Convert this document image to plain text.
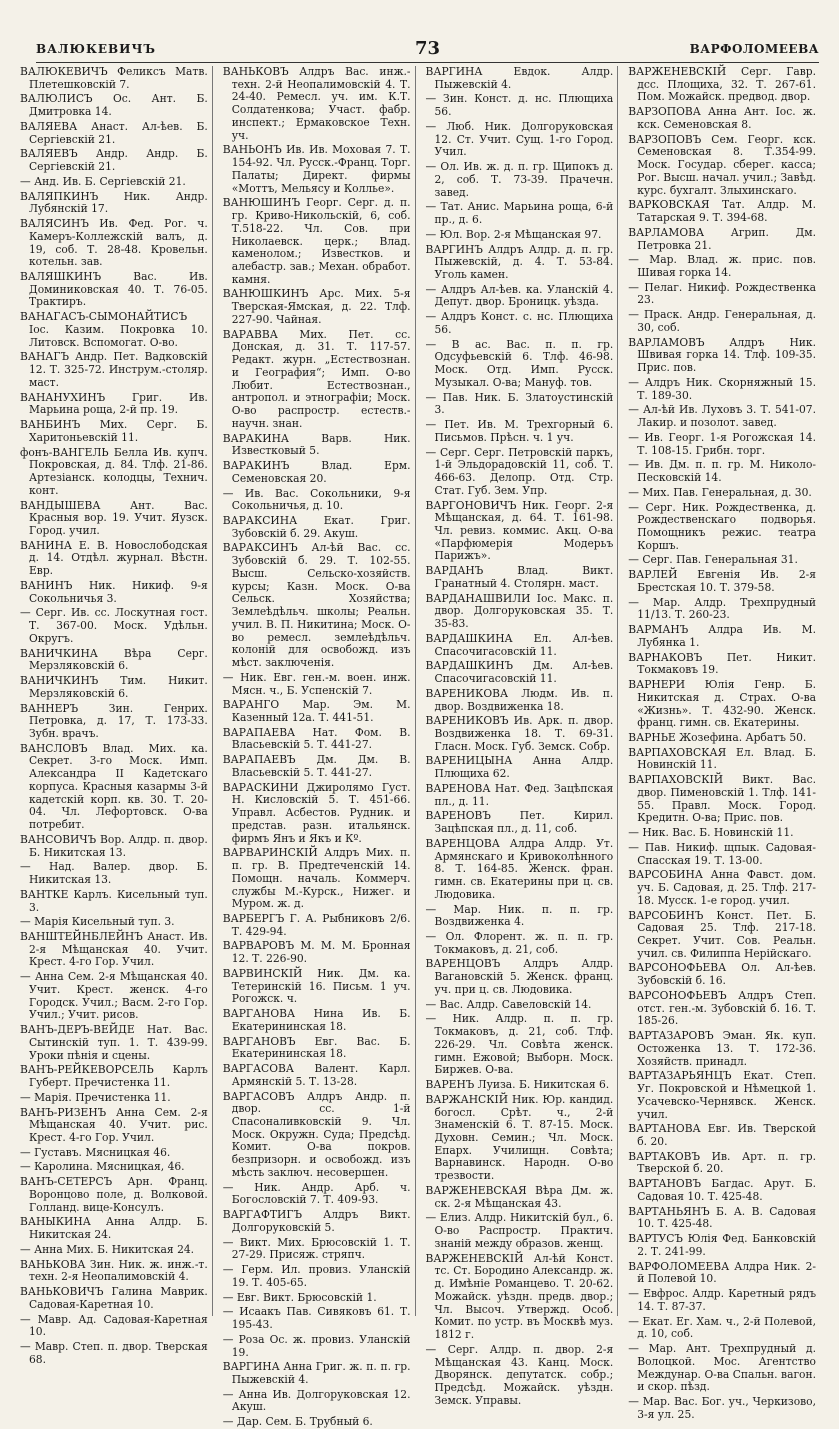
ВАЛЮКЕВИЧЪ	73	ВАРФОЛОМЕЕВА

ВАЛЮКЕВИЧЪ Феликсъ Матв. Плетешковскій 7.

ВАЛЮЛИСЪ Ос. Ант. Б. Дмитровка 14.

ВАЛЯЕВА Анаст. Ал-ѣев. Б. Сергіевскій 21.

ВАЛЯЕВЪ Андр. Андр. Б. Сергіевскій 21.

— Анд. Ив. Б. Сергіевскій 21.

ВАЛЯПКИНЪ Ник. Андр. Лубянскій 17.

ВАЛЯСИНЪ Ив. Фед. Рог. ч. Камеръ-Коллежскій валъ, д. 19, соб. Т. 28-48. Кровельн. котельн. зав.

ВАЛЯШКИНЪ Вас. Ив. Доминиковская 40. Т. 76-05. Трактиръ.

ВАНАГАСЪ-СЫМОНАЙТИСЪ Іос. Казим. Покровка 10. Литовск. Вспомогат. О-во.

ВАНАГЪ Андр. Пет. Вадковскій 12. Т. 325-72. Инструм.-столяр. маст.

ВАНАНУХИНЪ Григ. Ив. Марьина роща, 2-й пр. 19.

ВАНБИНЪ Мих. Серг. Б. Харитоньевскій 11.

фонъ-ВАНГЕЛЬ Белла Ив. купч. Покровская, д. 84. Тлф. 21-86. Артезіанск. колодцы, Технич. конт.

ВАНДЫШЕВА Ант. Вас. Красныя вор. 19. Учит. Яузск. Город. учил.

ВАНИНА Е. В. Новослободская д. 14. Отдѣл. журнал. Вѣстн. Евр.

ВАНИНЪ Ник. Никиф. 9-я Сокольничья 3.

— Серг. Ив. сс. Лоскутная гост. Т. 367-00. Моск. Удѣльн. Округъ.

ВАНИЧКИНА Вѣра Серг. Мерзляковскій 6.

ВАНИЧКИНЪ Тим. Никит. Мерзляковскій 6.

ВАННЕРЪ Зин. Генрих. Петровка, д. 17, Т. 173-33. Зубн. врачъ.

ВАНСЛОВЪ Влад. Мих. ка. Секрет. 3-го Моск. Имп. Александра II Кадетскаго корпуса. Красныя казармы 3-й кадетскій корп. кв. 30. Т. 20-04. Чл. Лефортовск. О-ва потребит.

ВАНСОВИЧЪ Вор. Алдр. п. двор. Б. Никитская 13.

— Над. Валер. двор. Б. Никитская 13.

ВАНТКЕ Карлъ. Кисельный туп. 3.

— Марія Кисельный туп. 3.

ВАНШТЕЙНБЛЕЙНЪ Анаст. Ив. 2-я Мѣщанская 40. Учит. Крест. 4-го Гор. Учил.

— Анна Сем. 2-я Мѣщанская 40. Учит. Крест. женск. 4-го Городск. Учил.; Васм. 2-го Гор. Учил.; Учит. рисов.

ВАНЪ-ДЕРЪ-ВЕЙДЕ Нат. Вас. Сытинскій туп. 1. Т. 439-99. Уроки пѣнія и сцены.

ВАНЪ-РЕЙКЕВОРСЕЛЬ Карлъ Губерт. Пречистенка 11.

— Марія. Пречистенка 11.

ВАНЪ-РИЗЕНЪ Анна Сем. 2-я Мѣщанская 40. Учит. рис. Крест. 4-го Гор. Учил.

— Густавъ. Мясницкая 46.

— Каролина. Мясницкая, 46.

ВАНЪ-СЕТЕРСЪ Арн. Франц. Воронцово поле, д. Волковой. Голланд. вице-Консулъ.

ВАНЫКИНА Анна Алдр. Б. Никитская 24.

— Анна Мих. Б. Никитская 24.

ВАНЬКОВА Зин. Ник. ж. инж.-т. техн. 2-я Неопалимовскій 4.

ВАНЬКОВИЧЪ Галина Маврик. Садовая-Каретная 10.

— Мавр. Ад. Садовая-Каретная 10.

— Мавр. Степ. п. двор. Тверская 68.

ВАНЬКОВЪ Алдръ Вас. инж.-техн. 2-й Неопалимовскій 4. Т. 24-40. Ремесл. уч. им. К.Т. Солдатенкова; Участ. фабр. инспект.; Ермаковское Техн. уч.

ВАНЬОНЪ Ив. Ив. Моховая 7. Т. 154-92. Чл. Русск.-Франц. Торг. Палаты; Директ. фирмы «Моттъ, Мельяcу и Коллье».

ВАНЮШИНЪ Георг. Серг. д. п. гр. Криво-Никольскій, 6, соб. Т.518-22. Чл. Сов. при Николаевск. церк.; Влад. каменолом.; Известков. и алебастр. зав.; Механ. обработ. камня.

ВАНЮШКИНЪ Арс. Мих. 5-я Тверская-Ямская, д. 22. Тлф. 227-90. Чайная.

ВАРАВВА Мих. Пет. сс. Донская, д. 31. Т. 117-57. Редакт. журн. „Естествознан. и География“; Имп. О-во Любит. Естествознан., антропол. и этнографіи; Моск. О-во распростр. естеств.-научн. знан.

ВАРАКИНА Варв. Ник. Известковый 5.

ВАРАКИНЪ Влад. Ерм. Семеновская 20.

— Ив. Вас. Сокольники, 9-я Сокольничья, д. 10.

ВАРАКСИНА Екат. Григ. Зубовскій б. 29. Акуш.

ВАРАКСИНЪ Ал-ѣй Вас. сс. Зубовскій б. 29. Т. 102-55. Высш. Сельско-хозяйств. курсы; Казн. Моск. О-ва Сельск. Хозяйства; Землеѣдѣльч. школы; Реальн. учил. В. П. Никитина; Моск. О-во ремесл. землеѣдѣльч. колоній для освобожд. изъ мѣст. заключенія.

— Ник. Евг. ген.-м. воен. инж. Мясн. ч., Б. Успенскій 7.

ВАРАНГО Мар. Эм. М. Казенный 12а. Т. 441-51.

ВАРАПАЕВА Нат. Фом. В. Власьевскій 5. Т. 441-27.

ВАРАПАЕВЪ Дм. Дм. В. Власьевскій 5. Т. 441-27.

ВАРАСКИНИ Джиролямо Густ. Н. Кисловскій 5. Т. 451-66. Управл. Асбестов. Рудник. и представ. разн. итальянск. фирмъ Янъ и Якъ и Кº.

ВАРВАРИНСКІЙ Алдръ Мих. п. п. гр. В. Предтеченскій 14. Помощн. началь. Коммерч. службы М.-Курск., Нижег. и Муром. ж. д.

ВАРБЕРГЪ Г. А. Рыбниковъ 2/6. Т. 429-94.

ВАРВАРОВЪ М. М. М. Бронная 12. Т. 226-90.

ВАРВИНСКІЙ Ник. Дм. ка. Тетеринскій 16. Письм. 1 уч. Рогожск. ч.

ВАРГАНОВА Нина Ив. Б. Екатерининская 18.

ВАРГАНОВЪ Евг. Вас. Б. Екатерининская 18.

ВАРГАСОВА Валент. Карл. Армянскій 5. Т. 13-28.

ВАРГАСОВЪ Алдръ Андр. п. двор. сс. 1-й Спасоналивковскій 9. Чл. Моск. Окружн. Суда; Предсѣд. Комит. О-ва покров. безпризорн. и освобожд. изъ мѣсть заключ. несовершен.

— Ник. Андр. Арб. ч. Богословскій 7. Т. 409-93.

ВАРГАФТИГЪ Алдръ Викт. Долгоруковскій 5.

— Викт. Мих. Брюсовскій 1. Т. 27-29. Присяж. стряпч.

— Герм. Ил. провиз. Уланскій 19. Т. 405-65.

— Евг. Викт. Брюсовскій 1.

— Исаакъ Пав. Сивяковъ 61. Т. 195-43.

— Роза Ос. ж. провиз. Уланскій 19.

ВАРГИНА Анна Григ. ж. п. п. гр. Пыжевскій 4.

— Анна Ив. Долгоруковская 12. Акуш.

— Дар. Сем. Б. Трубный 6.

ВАРГИНА Евдок. Алдр. Пыжевскій 4.

— Зин. Конст. д. нс. Плющиха 56.

— Люб. Ник. Долгоруковская 12. Ст. Учит. Сущ. 1-го Город. Учил.

— Ол. Ив. ж. д. п. гр. Щипокъ д. 2, соб. Т. 73-39. Прачечн. завед.

— Тат. Анис. Марьина роща, 6-й пр., д. 6.

— Юл. Вор. 2-я Мѣщанская 97.

ВАРГИНЪ Алдръ Алдр. д. п. гр. Пыжевскій, д. 4. Т. 53-84. Уголь камен.

— Алдръ Ал-ѣев. ка. Уланскій 4. Депут. двор. Броницк. уѣзда.

— Алдръ Конст. с. нс. Плющиха 56.

— В ас. Вас. п. п. гр. Одсуфьевскій 6. Тлф. 46-98. Моск. Отд. Имп. Русск. Музыкал. О-ва; Мануф. тов.

— Пав. Ник. Б. Златоустинскій 3.

— Пет. Ив. М. Трехгорный 6. Письмов. Прѣсн. ч. 1 уч.

— Серг. Серг. Петровскій паркъ, 1-й Эльдорадовскій 11, соб. Т. 466-63. Делопр. Отд. Стр. Стат. Губ. Зем. Упр.

ВАРГОНОВИЧЪ Ник. Георг. 2-я Мѣщанская, д. 64. Т. 161-98. Чл. ревиз. коммис. Акц. О-ва «Парфюмерія Модерьъ Парижъ».

ВАРДАНЪ Влад. Викт. Гранатный 4. Столярн. маст.

ВАРДАНАШВИЛИ Іос. Макс. п. двор. Долгоруковская 35. Т. 35-83.

ВАРДАШКИНА Ел. Ал-ѣев. Спасочигасовскій 11.

ВАРДАШКИНЪ Дм. Ал-ѣев. Спасочигасовскій 11.

ВАРЕНИКОВА Людм. Ив. п. двор. Воздвиженка 18.

ВАРЕНИКОВЪ Ив. Арк. п. двор. Воздвиженка 18. Т. 69-31. Гласн. Моск. Губ. Земск. Собр.

ВАРЕНИЦЫНА Анна Алдр. Плющиха 62.

ВАРЕНОВА Нат. Фед. Зацѣпская пл., д. 11.

ВАРЕНОВЪ Пет. Кирил. Зацѣпская пл., д. 11, соб.

ВАРЕНЦОВА Алдра Алдр. Ут. Армянскаго и Кривоколѣнного 8. Т. 164-85. Женск. фран. гимн. св. Екатерины при ц. св. Людовика.

— Мар. Ник. п. п. гр. Воздвиженка 4.

— Ол. Флорент. ж. п. п. гр. Токмаковъ, д. 21, соб.

ВАРЕНЦОВЪ Алдръ Алдр. Вагановскій 5. Женск. франц. уч. при ц. св. Людовика.

— Вас. Алдр. Савеловскій 14.

— Ник. Алдр. п. п. гр. Токмаковъ, д. 21, соб. Тлф. 226-29. Чл. Совѣта женск. гимн. Ежовой; Выборн. Моск. Биржев. О-ва.

ВАРЕНЪ Луиза. Б. Никитская 6.

ВАРЖАНСКІЙ Ник. Юр. кандид. богосл. Срѣт. ч., 2-й Знаменскій 6. Т. 87-15. Моск. Духовн. Семин.; Чл. Моск. Епарх. Училищн. Совѣта; Варнавинск. Народн. О-во трезвости.

ВАРЖЕНЕВСКАЯ Вѣра Дм. ж. ск. 2-я Мѣщанская 43.

— Елиз. Алдр. Никитскій бул., 6. О-во Распростр. Практич. знаній между образов. женщ.

ВАРЖЕНЕВСКІЙ Ал-ѣй Конст. тс. Ст. Бородино Александр. ж. д. Имѣніе Романцево. Т. 20-62. Можайск. уѣздн. предв. двор.; Чл. Высоч. Утвержд. Особ. Комит. по устр. въ Москвѣ муз. 1812 г.

— Серг. Алдр. п. двор. 2-я Мѣщанская 43. Канц. Моск. Дворянск. депутатск. собр.; Предсѣд. Можайск. уѣздн. Земск. Управы.

ВАРЖЕНЕВСКІЙ Серг. Гавр. дсс. Площиха, 32. Т. 267-61. Пом. Можайск. предвод. двор.

ВАРЗОПОВА Анна Ант. Іос. ж. кск. Семеновская 8.

ВАРЗОПОВЪ Сем. Георг. кск. Семеновская 8. Т.354-99. Моск. Государ. сберег. касса; Рог. Высш. начал. учил.; Завѣд. курс. бухгалт. Злыхинскаго.

ВАРКОВСКАЯ Тат. Алдр. М. Татарская 9. Т. 394-68.

ВАРЛАМОВА Агрип. Дм. Петровка 21.

— Мар. Влад. ж. прис. пов. Шивая горка 14.

— Пелаг. Никиф. Рождественка 23.

— Праск. Андр. Генеральная, д. 30, соб.

ВАРЛАМОВЪ Алдръ Ник. Швивая горка 14. Тлф. 109-35. Прис. пов.

— Алдръ Ник. Скорняжный 15. Т. 189-30.

— Ал-ѣй Ив. Луховъ 3. Т. 541-07. Лакир. и позолот. завед.

— Ив. Георг. 1-я Рогожская 14. Т. 108-15. Грибн. торг.

— Ив. Дм. п. п. гр. М. Николо-Песковскій 14.

— Мих. Пав. Генеральная, д. 30.

— Серг. Ник. Рождественка, д. Рождественскаго подворья. Помощникъ режис. театра Коршъ.

— Серг. Пав. Генеральная 31.

ВАРЛЕЙ Евгенія Ив. 2-я Брестская 10. Т. 379-58.

— Мар. Алдр. Трехпрудный 11/13. Т. 260-23.

ВАРМАНЪ Алдра Ив. М. Лубянка 1.

ВАРНАКОВЪ Пет. Никит. Токмаковъ 19.

ВАРНЕРИ Юлія Генр. Б. Никитская д. Страх. О-ва «Жизнь». Т. 432-90. Женск. франц. гимн. св. Екатерины.

ВАРНЬЕ Жозефина. Арбатъ 50.

ВАРПАХОВСКАЯ Ел. Влад. Б. Новинскій 11.

ВАРПАХОВСКІЙ Викт. Вас. двор. Пименовскій 1. Тлф. 141-55. Правл. Моск. Город. Кредитн. О-ва; Прис. пов.

— Ник. Вас. Б. Новинскій 11.

— Пав. Никиф. щпык. Садовая-Спасская 19. Т. 13-00.

ВАРСОБИНА Анна Фавст. дом. уч. Б. Садовая, д. 25. Тлф. 217-18. Мусск. 1-е город. учил.

ВАРСОБИНЪ Конст. Пет. Б. Садовая 25. Тлф. 217-18. Секрет. Учит. Сов. Реальн. учил. св. Филиппа Нерійскаго.

ВАРСОНОФЬЕВА Ол. Ал-ѣев. Зубовскій б. 16.

ВАРСОНОФЬЕВЪ Алдръ Степ. отст. ген.-м. Зубовскій б. 16. Т. 185-26.

ВАРТАЗАРОВЪ Эман. Як. куп. Остоженка 13. Т. 172-36. Хозяйств. принадл.

ВАРТАЗАРЬЯНЦЪ Екат. Степ. Уг. Покровской и Нѣмецкой 1. Усачевско-Чернявск. Женск. учил.

ВАРТАНОВА Евг. Ив. Тверской б. 20.

ВАРТАКОВЪ Ив. Арт. п. гр. Тверской б. 20.

ВАРТАНОВЪ Багдас. Арут. Б. Садовая 10. Т. 425-48.

ВАРТАНЬЯНЪ Б. А. В. Садовая 10. Т. 425-48.

ВАРТУСЪ Юлія Фед. Банковскій 2. Т. 241-99.

ВАРФОЛОМЕЕВА Алдра Ник. 2-й Полевой 10.

— Евфрос. Алдр. Каретный рядъ 14. Т. 87-37.

— Екат. Ег. Хам. ч., 2-й Полевой, д. 10, соб.

— Мар. Ант. Трехпрудный д. Волоцкой. Мос. Агентство Междунар. О-ва Спальн. вагон. и скор. пѣзд.

— Мар. Вас. Бог. уч., Черкизово, 3-я ул. 25.
